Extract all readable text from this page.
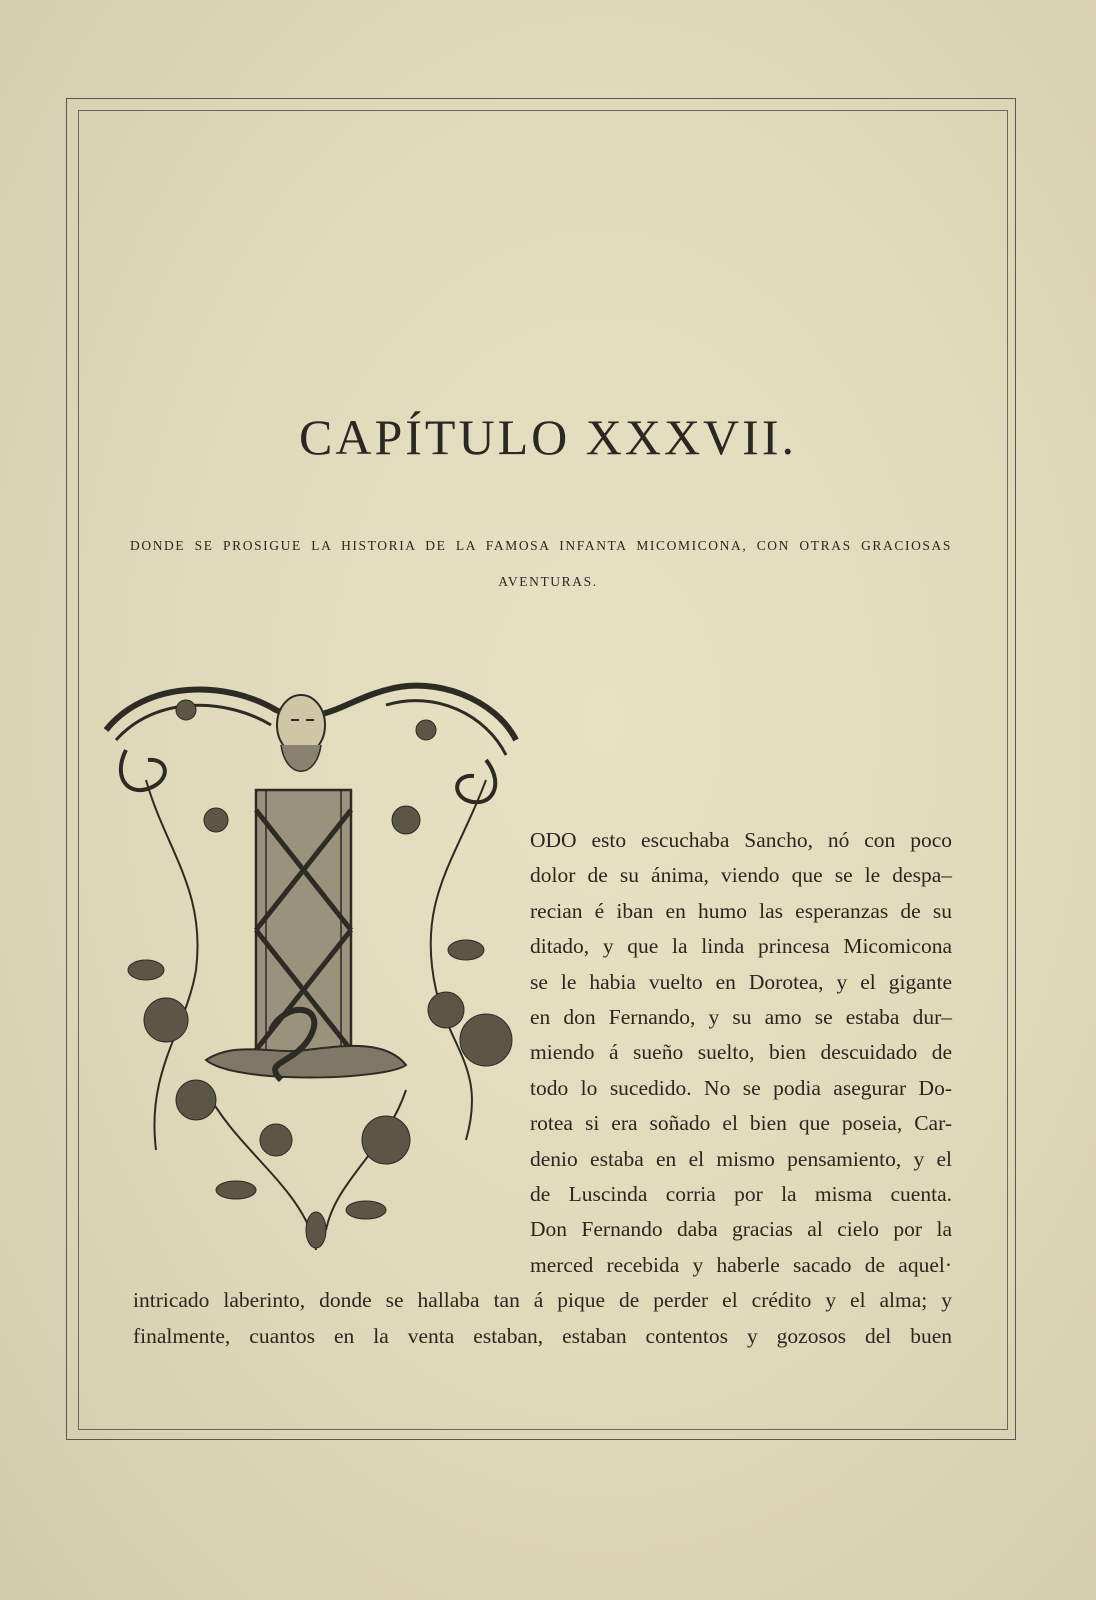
CAPÍTULO XXXVII.
DONDE SE PROSIGUE LA HISTORIA DE LA FAMOSA INFANTA MICOMICONA, CON OTRAS GRACIOSAS
AVENTURAS.
ODO esto escuchaba Sancho, nó con poco
dolor de su ánima, viendo que se le despa–
recian é iban en humo las esperanzas de su
ditado, y que la linda princesa Micomicona
se le habia vuelto en Dorotea, y el gigante
en don Fernando, y su amo se estaba dur–
miendo á sueño suelto, bien descuidado de
todo lo sucedido. No se podia asegurar Do-
rotea si era soñado el bien que poseia, Car-
denio estaba en el mismo pensamiento, y el
de Luscinda corria por la misma cuenta.
Don Fernando daba gracias al cielo por la
merced recebida y haberle sacado de aquel·
intricado laberinto, donde se hallaba tan á pique de perder el crédito y el alma; y
finalmente, cuantos en la venta estaban, estaban contentos y gozosos del buen
